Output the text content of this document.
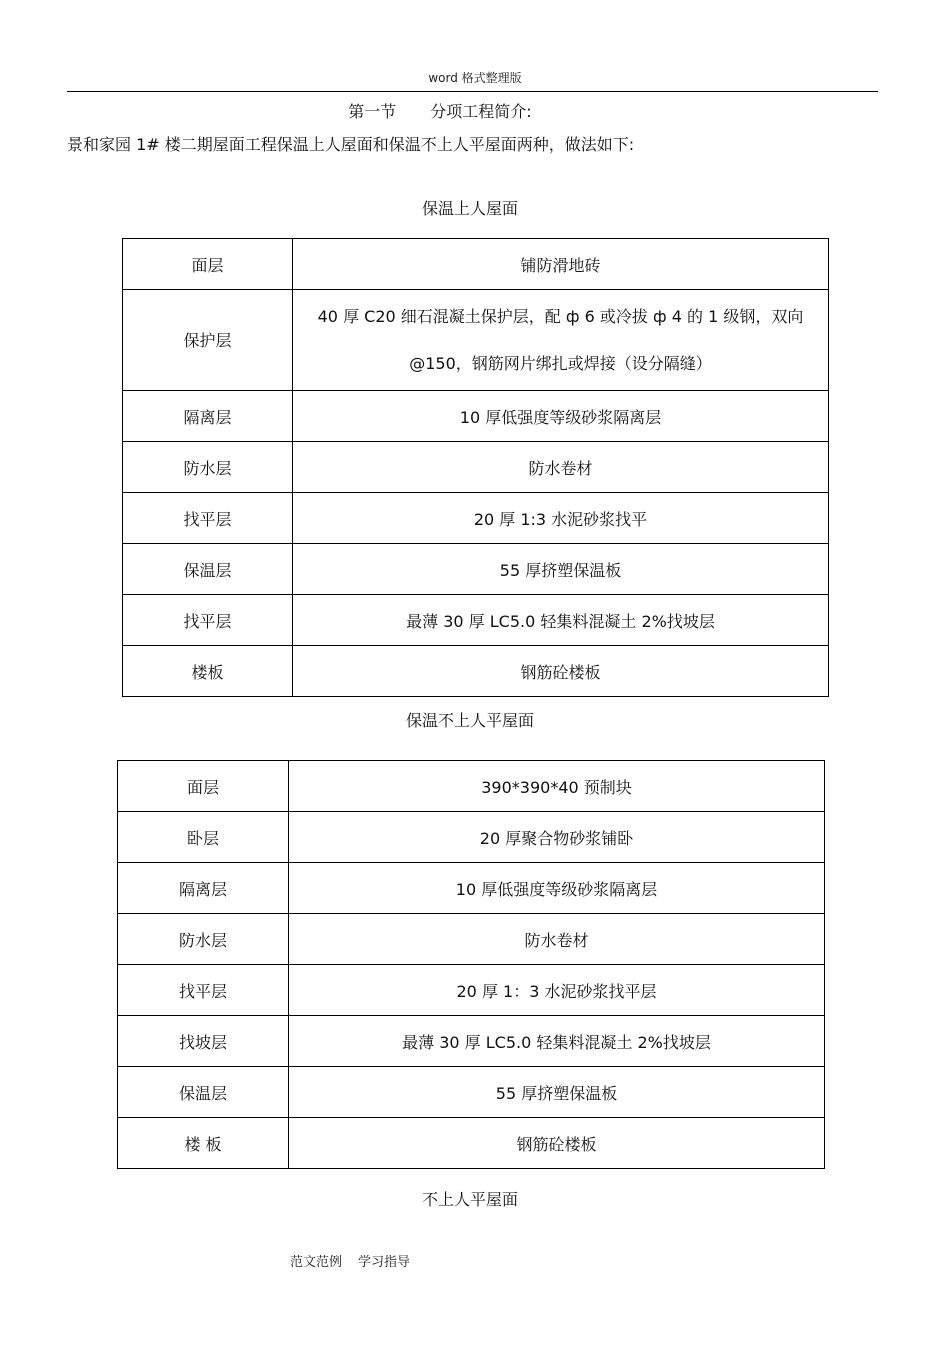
word 格式整理版
第一节 分项工程简介:
景和家园 1# 楼二期屋面工程保温上人屋面和保温不上人平屋面两种，做法如下:
保温上人屋面
面层	铺防滑地砖
保护层	40 厚 C20 细石混凝土保护层，配 ф 6 或冷拔 ф 4 的 1 级钢，双向@150，钢筋网片绑扎或焊接（设分隔缝）
隔离层	10 厚低强度等级砂浆隔离层
防水层	防水卷材
找平层	20 厚 1:3 水泥砂浆找平
保温层	55 厚挤塑保温板
找平层	最薄 30 厚 LC5.0 轻集料混凝土 2%找坡层
楼板	钢筋砼楼板
保温不上人平屋面
面层	390*390*40 预制块
卧层	20 厚聚合物砂浆铺卧
隔离层	10 厚低强度等级砂浆隔离层
防水层	防水卷材
找平层	20 厚 1：3 水泥砂浆找平层
找坡层	最薄 30 厚 LC5.0 轻集料混凝土 2%找坡层
保温层	55 厚挤塑保温板
楼 板	钢筋砼楼板
不上人平屋面
范文范例 学习指导
